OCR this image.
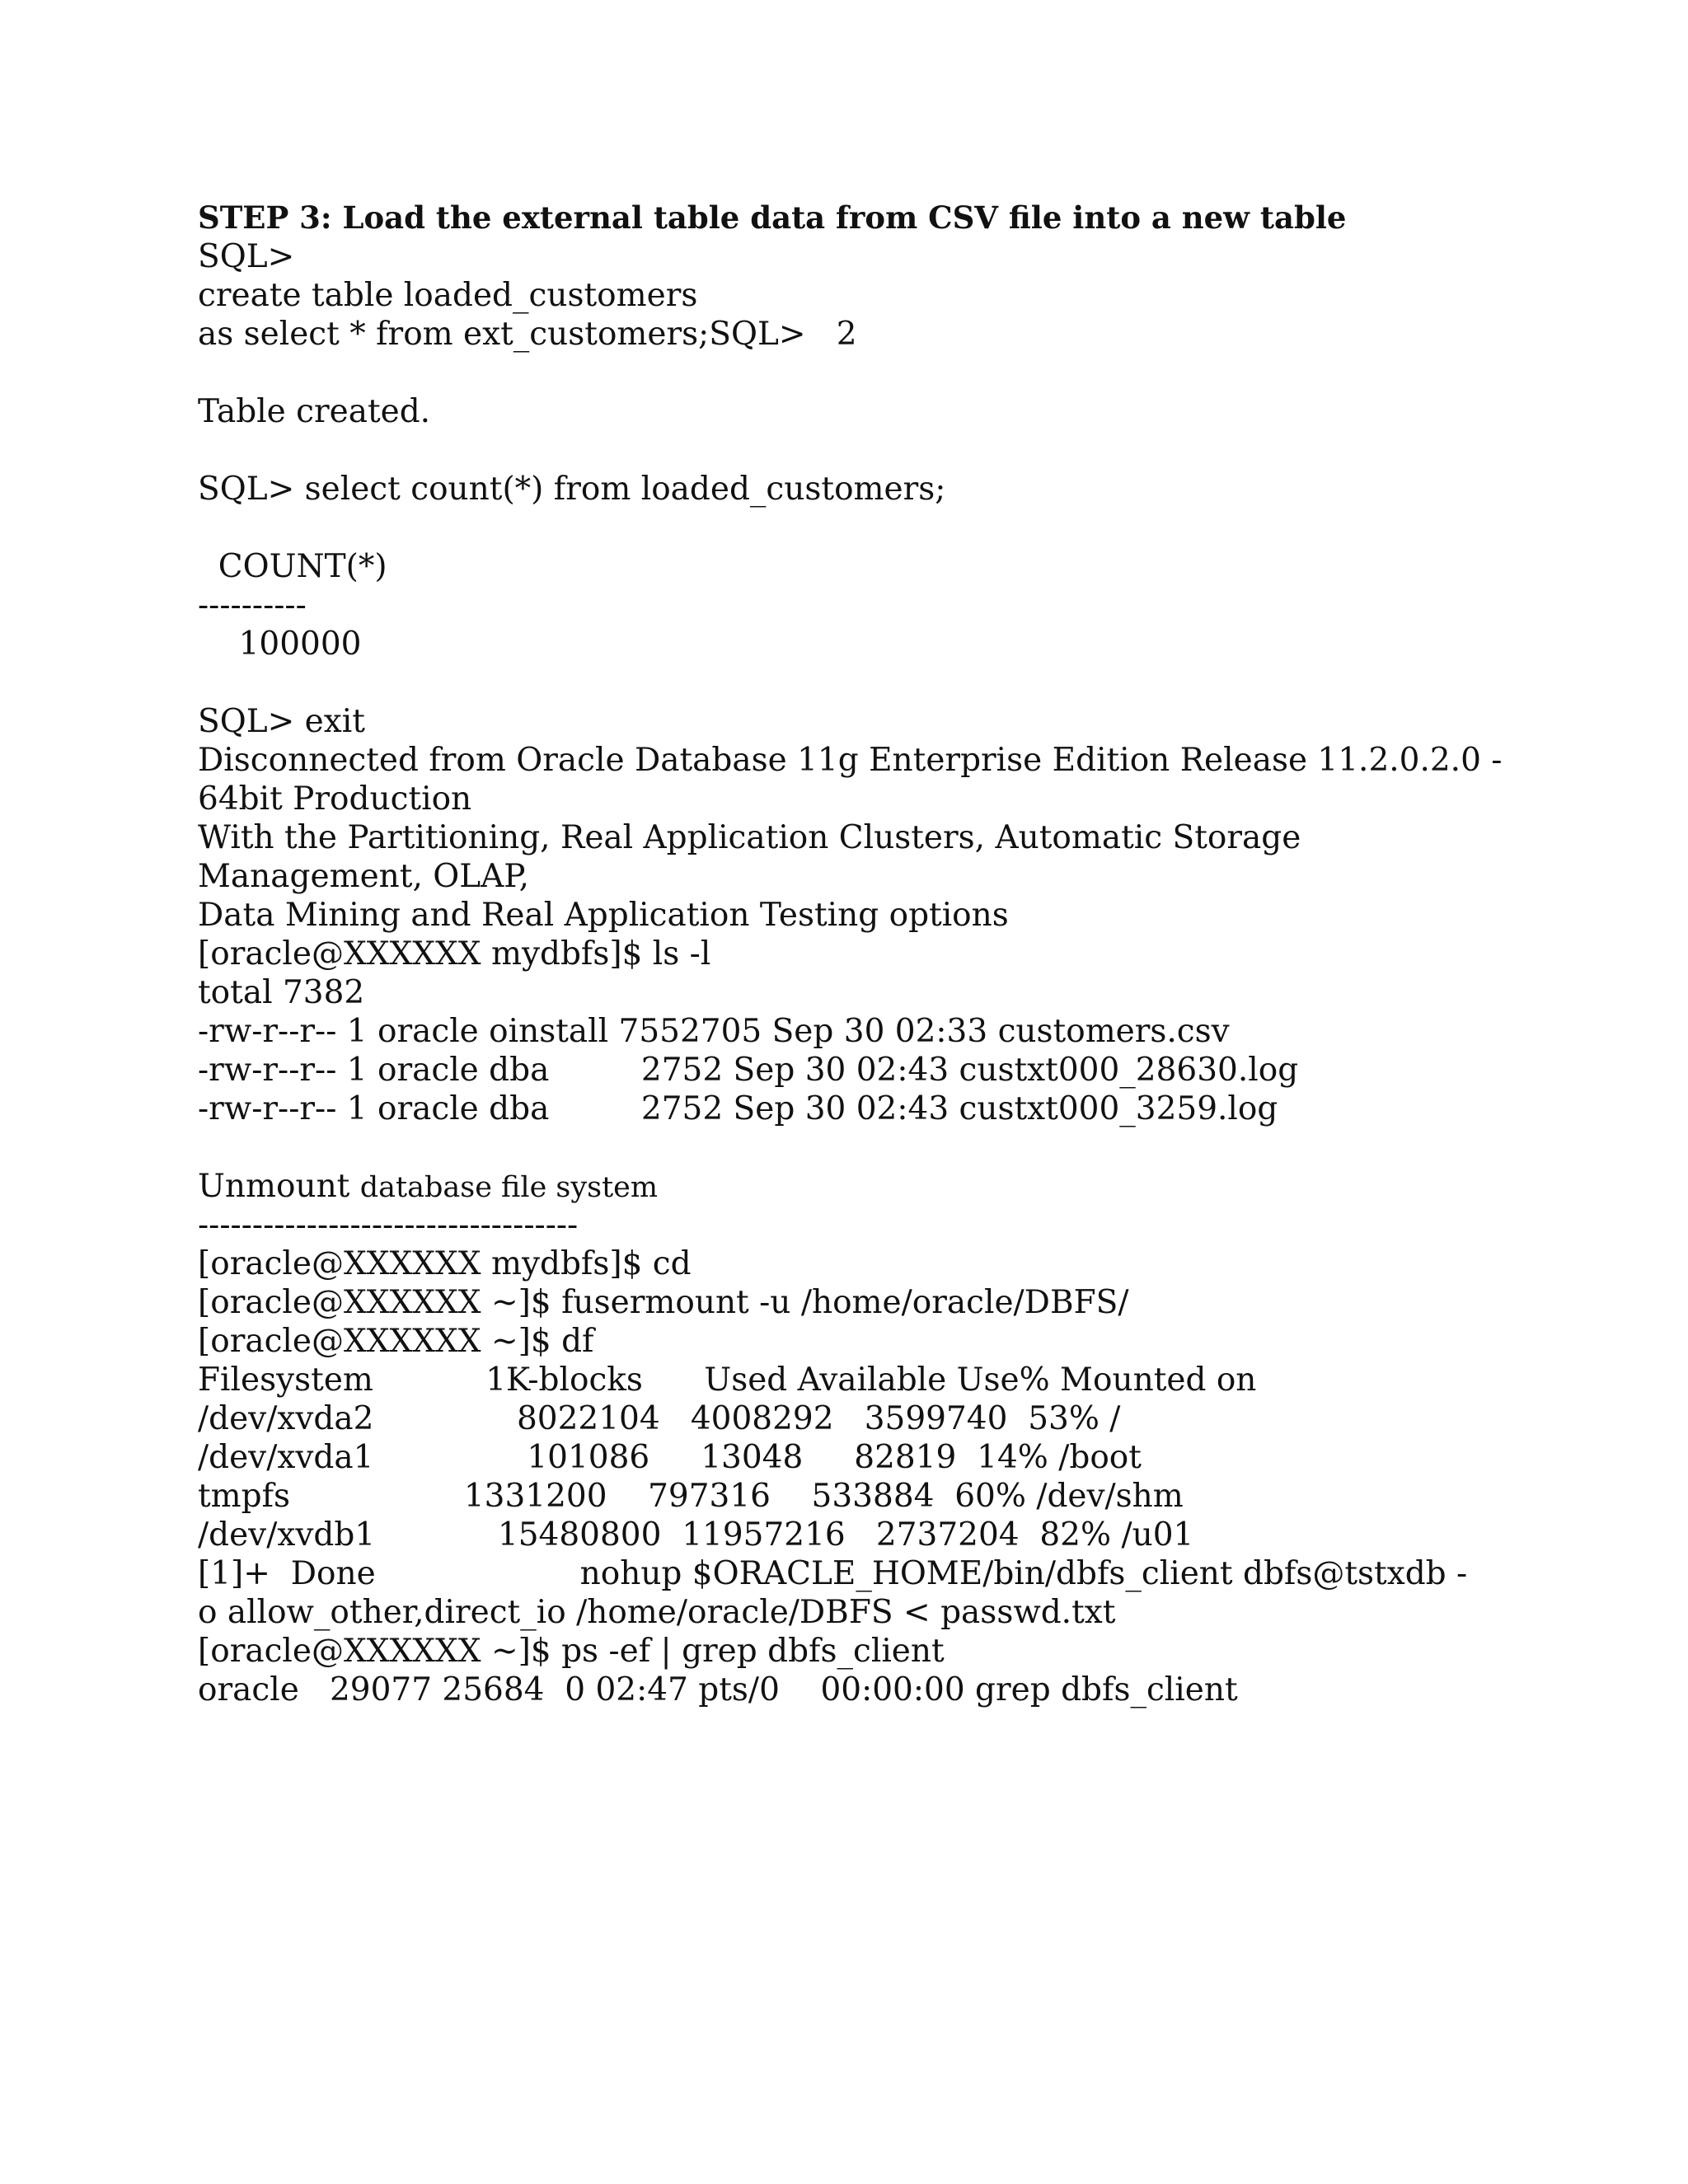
STEP 3: Load the external table data from CSV file into a new table
SQL>
create table loaded_customers
as select * from ext_customers;SQL>   2
Table created.
SQL> select count(*) from loaded_customers;
COUNT(*)
----------
100000
SQL> exit
Disconnected from Oracle Database 11g Enterprise Edition Release 11.2.0.2.0 -
64bit Production
With the Partitioning, Real Application Clusters, Automatic Storage
Management, OLAP,
Data Mining and Real Application Testing options
[oracle@XXXXXX mydbfs]$ ls -l
total 7382
-rw-r--r-- 1 oracle oinstall 7552705 Sep 30 02:33 customers.csv
-rw-r--r-- 1 oracle dba         2752 Sep 30 02:43 custxt000_28630.log
-rw-r--r-- 1 oracle dba         2752 Sep 30 02:43 custxt000_3259.log
Unmount database file system
-----------------------------------
[oracle@XXXXXX mydbfs]$ cd
[oracle@XXXXXX ~]$ fusermount -u /home/oracle/DBFS/
[oracle@XXXXXX ~]$ df
Filesystem           1K-blocks      Used Available Use% Mounted on
/dev/xvda2              8022104   4008292   3599740  53% /
/dev/xvda1               101086     13048     82819  14% /boot
tmpfs                 1331200    797316    533884  60% /dev/shm
/dev/xvdb1            15480800  11957216   2737204  82% /u01
[1]+  Done                    nohup $ORACLE_HOME/bin/dbfs_client dbfs@tstxdb -
o allow_other,direct_io /home/oracle/DBFS < passwd.txt
[oracle@XXXXXX ~]$ ps -ef | grep dbfs_client
oracle   29077 25684  0 02:47 pts/0    00:00:00 grep dbfs_client
